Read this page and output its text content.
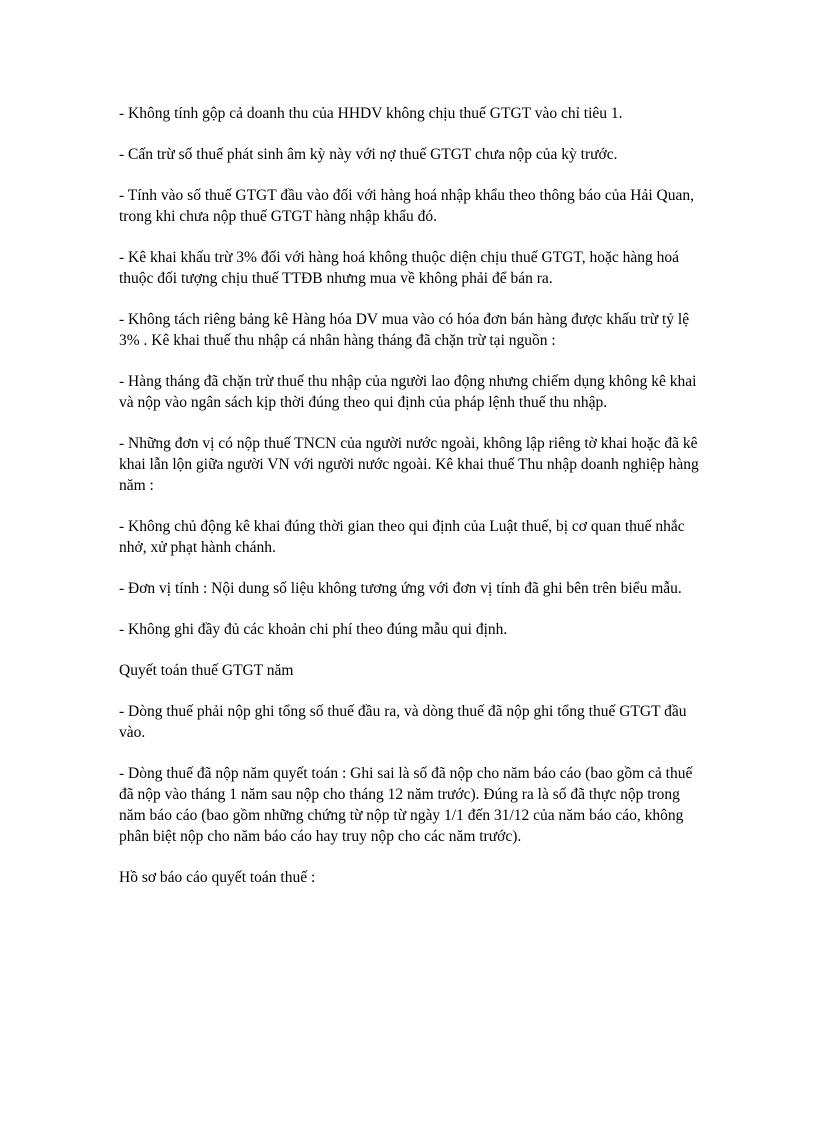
- Không tính gộp cả doanh thu của HHDV không chịu thuế GTGT vào chỉ tiêu 1.

- Cấn trừ số thuế phát sinh âm kỳ này với nợ thuế GTGT chưa nộp của kỳ trước.

- Tính vào số thuế GTGT đầu vào đối với hàng hoá nhập khẩu theo thông báo của Hải Quan, trong khi chưa nộp thuế GTGT hàng nhập khẩu đó.

- Kê khai khấu trừ 3% đối với hàng hoá không thuộc diện chịu thuế GTGT, hoặc hàng hoá thuộc đối tượng chịu thuế TTĐB nhưng mua về không phải để bán ra.

- Không tách riêng bảng kê Hàng hóa DV mua vào có hóa đơn bán hàng được khấu trừ tỷ lệ 3% . Kê khai thuế thu nhập cá nhân hàng tháng đã chặn trừ tại nguồn :

- Hàng tháng đã chặn trừ thuế thu nhập của người lao động nhưng chiếm dụng không kê khai và nộp vào ngân sách kịp thời đúng theo qui định của pháp lệnh thuế thu nhập.

- Những đơn vị có nộp thuế TNCN của người nước ngoài, không lập riêng tờ khai hoặc đã kê khai lẫn lộn giữa người VN với người nước ngoài. Kê khai thuế Thu nhập doanh nghiệp hàng năm :

- Không chủ động kê khai đúng thời gian theo qui định của Luật thuế, bị cơ quan thuế nhắc nhở, xử phạt hành chánh.

- Đơn vị tính : Nội dung số liệu không tương ứng với đơn vị tính đã ghi bên trên biểu mẫu.

- Không ghi đầy đủ các khoản chi phí theo đúng mẫu qui định.

Quyết toán thuế GTGT năm

- Dòng thuế phải nộp ghi tổng số thuế đầu ra, và dòng thuế đã nộp ghi tổng thuế GTGT đầu vào.

- Dòng thuế đã nộp năm quyết toán : Ghi sai là số đã nộp cho năm báo cáo (bao gồm cả thuế đã nộp vào tháng 1 năm sau nộp cho tháng 12 năm trước). Đúng ra là số đã thực nộp trong năm báo cáo (bao gồm những chứng từ nộp từ ngày 1/1 đến 31/12 của năm báo cáo, không phân biệt nộp cho năm báo cáo hay truy nộp cho các năm trước).

Hồ sơ báo cáo quyết toán thuế :
